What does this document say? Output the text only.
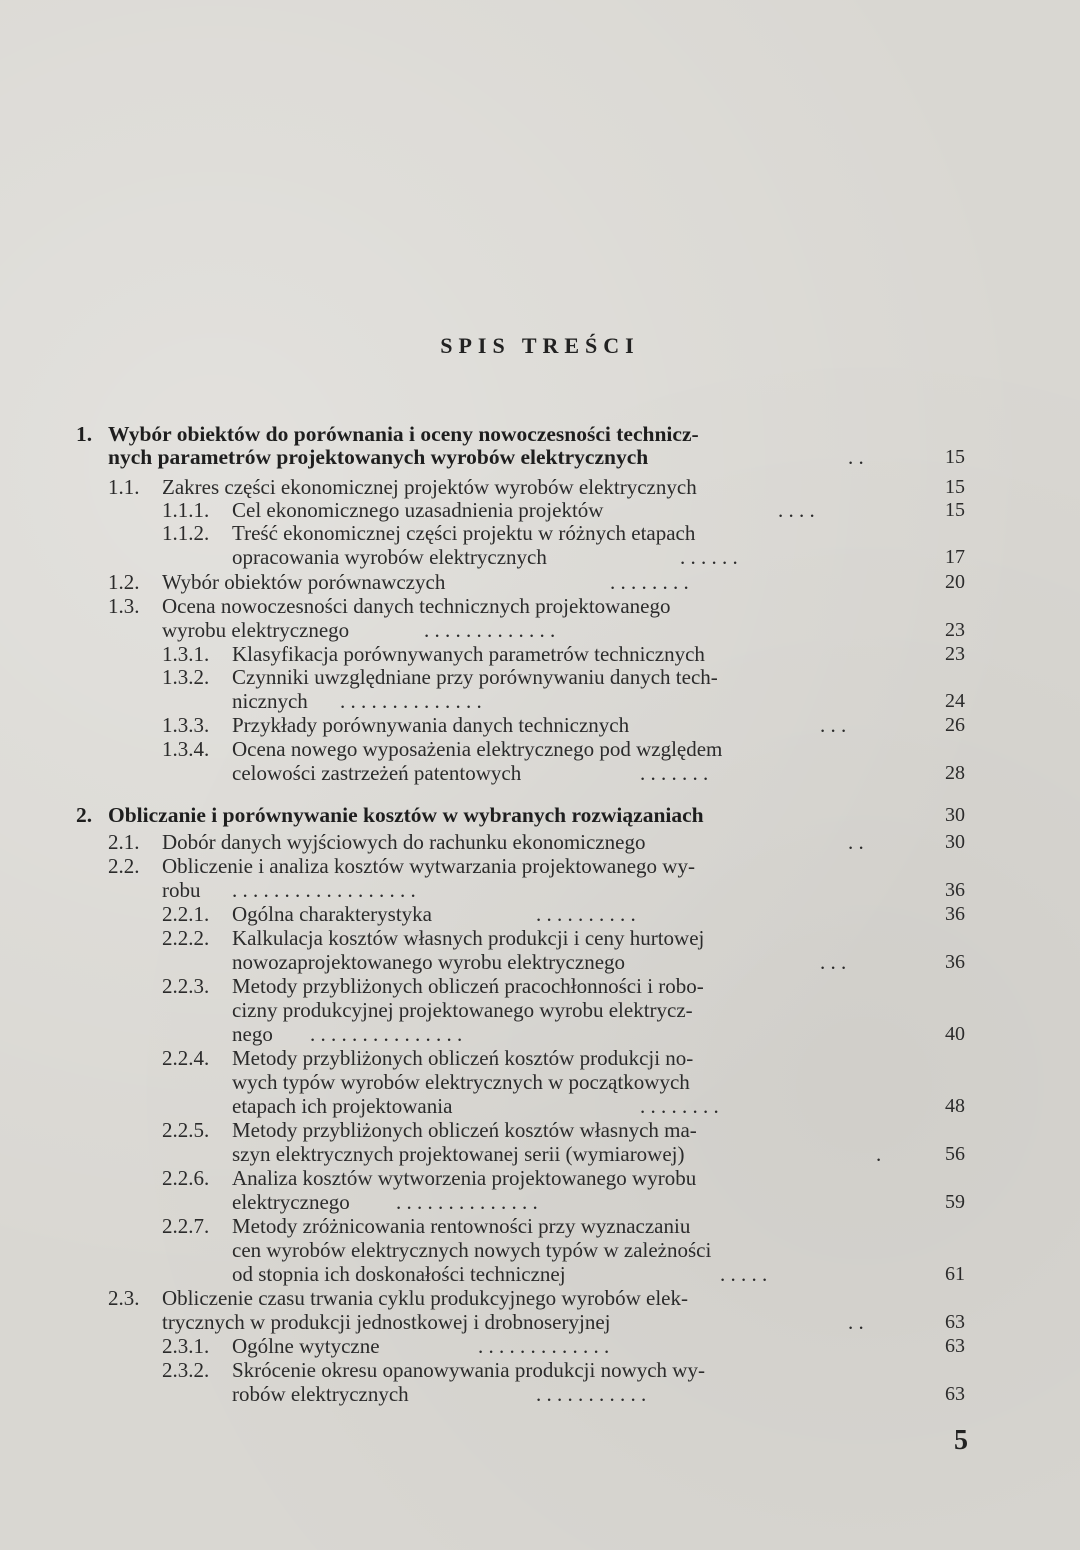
SPIS TREŚCI
1. Wybór obiektów do porównania i oceny nowoczesności technicz-
nych parametrów projektowanych wyrobów elektrycznych	. .	15
1.1. Zakres części ekonomicznej projektów wyrobów elektrycznych	15
1.1.1. Cel ekonomicznego uzasadnienia projektów	. . . .	15
1.1.2. Treść ekonomicznej części projektu w różnych etapach
opracowania wyrobów elektrycznych	. . . . . .	17
1.2. Wybór obiektów porównawczych	. . . . . . . .	20
1.3. Ocena nowoczesności danych technicznych projektowanego
wyrobu elektrycznego	. . . . . . . . . . . . .	23
1.3.1. Klasyfikacja porównywanych parametrów technicznych	23
1.3.2. Czynniki uwzględniane przy porównywaniu danych tech-
nicznych . . . . . . . . . . . . . .	24
1.3.3. Przykłady porównywania danych technicznych	. . .	26
1.3.4. Ocena nowego wyposażenia elektrycznego pod względem
celowości zastrzeżeń patentowych	. . . . . . .	28
2. Obliczanie i porównywanie kosztów w wybranych rozwiązaniach	30
2.1. Dobór danych wyjściowych do rachunku ekonomicznego	. .	30
2.2. Obliczenie i analiza kosztów wytwarzania projektowanego wy-
robu . . . . . . . . . . . . . . . . . .	36
2.2.1. Ogólna charakterystyka	. . . . . . . . . .	36
2.2.2. Kalkulacja kosztów własnych produkcji i ceny hurtowej
nowozaprojektowanego wyrobu elektrycznego	. . .	36
2.2.3. Metody przybliżonych obliczeń pracochłonności i robo-
cizny produkcyjnej projektowanego wyrobu elektrycz-
nego . . . . . . . . . . . . . . .	40
2.2.4. Metody przybliżonych obliczeń kosztów produkcji no-
wych typów wyrobów elektrycznych w początkowych
etapach ich projektowania	. . . . . . . .	48
2.2.5. Metody przybliżonych obliczeń kosztów własnych ma-
szyn elektrycznych projektowanej serii (wymiarowej)	.	56
2.2.6. Analiza kosztów wytworzenia projektowanego wyrobu
elektrycznego . . . . . . . . . . . . . .	59
2.2.7. Metody zróżnicowania rentowności przy wyznaczaniu
cen wyrobów elektrycznych nowych typów w zależności
od stopnia ich doskonałości technicznej	. . . . .	61
2.3. Obliczenie czasu trwania cyklu produkcyjnego wyrobów elek-
trycznych w produkcji jednostkowej i drobnoseryjnej	. .	63
2.3.1. Ogólne wytyczne	. . . . . . . . . . . . .	63
2.3.2. Skrócenie okresu opanowywania produkcji nowych wy-
robów elektrycznych	. . . . . . . . . . .	63
5
